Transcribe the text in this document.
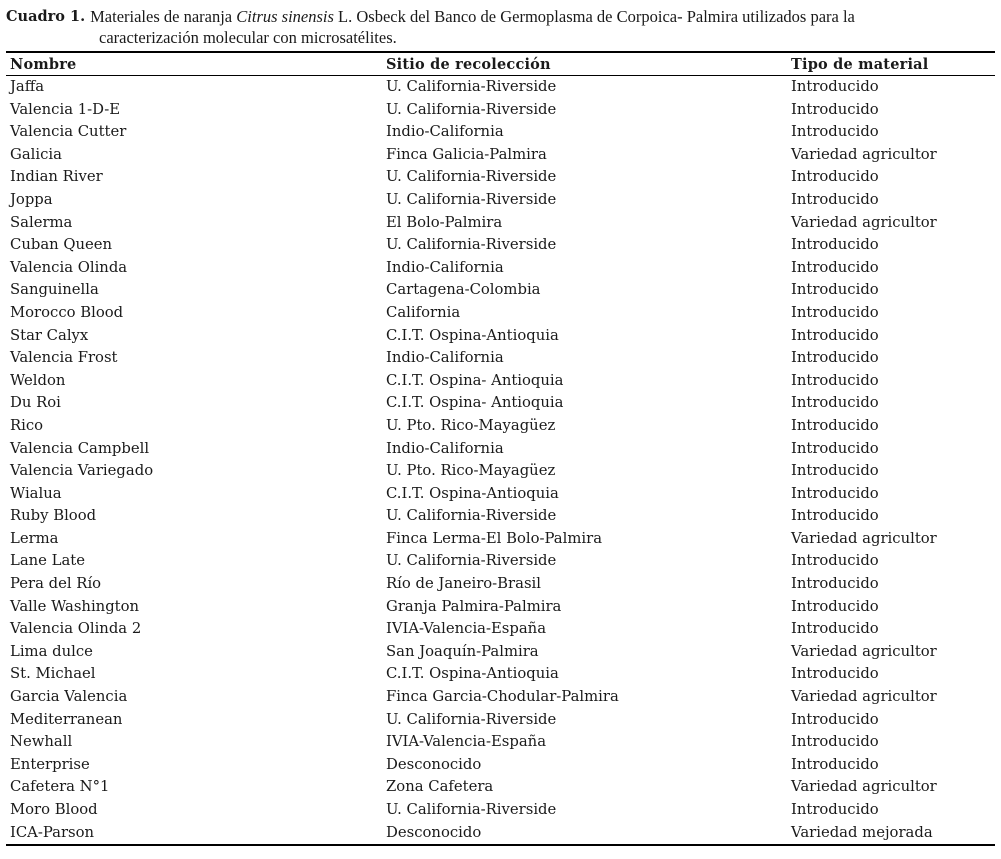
Cuadro 1. Materiales de naranja Citrus sinensis L. Osbeck del Banco de Germoplasma de Corpoica- Palmira utilizados para la
caracterización molecular con microsatélites.
Nombre	Sitio de recolección	Tipo de material
Jaffa	U. California-Riverside	Introducido
Valencia 1-D-E	U. California-Riverside	Introducido
Valencia Cutter	Indio-California	Introducido
Galicia	Finca Galicia-Palmira	Variedad agricultor
Indian River	U. California-Riverside	Introducido
Joppa	U. California-Riverside	Introducido
Salerma	El Bolo-Palmira	Variedad agricultor
Cuban Queen	U. California-Riverside	Introducido
Valencia Olinda	Indio-California	Introducido
Sanguinella	Cartagena-Colombia	Introducido
Morocco Blood	California	Introducido
Star Calyx	C.I.T. Ospina-Antioquia	Introducido
Valencia Frost	Indio-California	Introducido
Weldon	C.I.T. Ospina- Antioquia	Introducido
Du Roi	C.I.T. Ospina- Antioquia	Introducido
Rico	U. Pto. Rico-Mayagüez	Introducido
Valencia Campbell	Indio-California	Introducido
Valencia Variegado	U. Pto. Rico-Mayagüez	Introducido
Wialua	C.I.T. Ospina-Antioquia	Introducido
Ruby Blood	U. California-Riverside	Introducido
Lerma	Finca Lerma-El Bolo-Palmira	Variedad agricultor
Lane Late	U. California-Riverside	Introducido
Pera del Río	Río de Janeiro-Brasil	Introducido
Valle Washington	Granja Palmira-Palmira	Introducido
Valencia Olinda 2	IVIA-Valencia-España	Introducido
Lima dulce	San Joaquín-Palmira	Variedad agricultor
St. Michael	C.I.T. Ospina-Antioquia	Introducido
Garcia Valencia	Finca Garcia-Chodular-Palmira	Variedad agricultor
Mediterranean	U. California-Riverside	Introducido
Newhall	IVIA-Valencia-España	Introducido
Enterprise	Desconocido	Introducido
Cafetera N°1	Zona Cafetera	Variedad agricultor
Moro Blood	U. California-Riverside	Introducido
ICA-Parson	Desconocido	Variedad mejorada
